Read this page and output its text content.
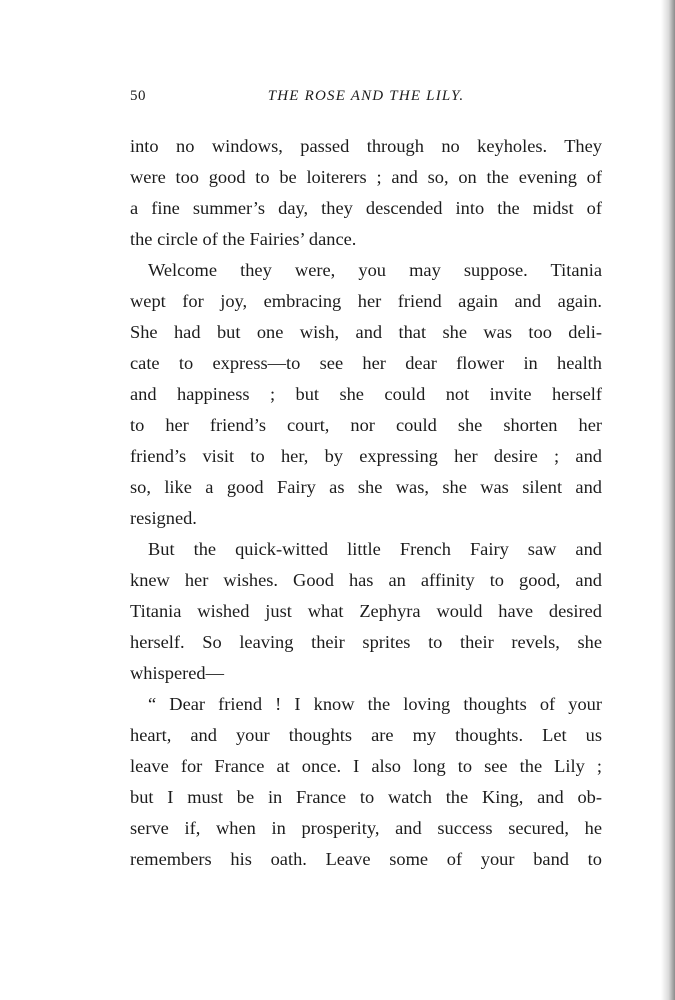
50	THE ROSE AND THE LILY.
into no windows, passed through no keyholes. They
were too good to be loiterers ; and so, on the evening of
a fine summer’s day, they descended into the midst of
the circle of the Fairies’ dance.
Welcome they were, you may suppose. Titania
wept for joy, embracing her friend again and again.
She had but one wish, and that she was too deli-
cate to express—to see her dear flower in health
and happiness ; but she could not invite herself
to her friend’s court, nor could she shorten her
friend’s visit to her, by expressing her desire ; and
so, like a good Fairy as she was, she was silent and
resigned.
But the quick-witted little French Fairy saw and
knew her wishes. Good has an affinity to good, and
Titania wished just what Zephyra would have desired
herself. So leaving their sprites to their revels, she
whispered—
“ Dear friend ! I know the loving thoughts of your
heart, and your thoughts are my thoughts. Let us
leave for France at once. I also long to see the Lily ;
but I must be in France to watch the King, and ob-
serve if, when in prosperity, and success secured, he
remembers his oath. Leave some of your band to
